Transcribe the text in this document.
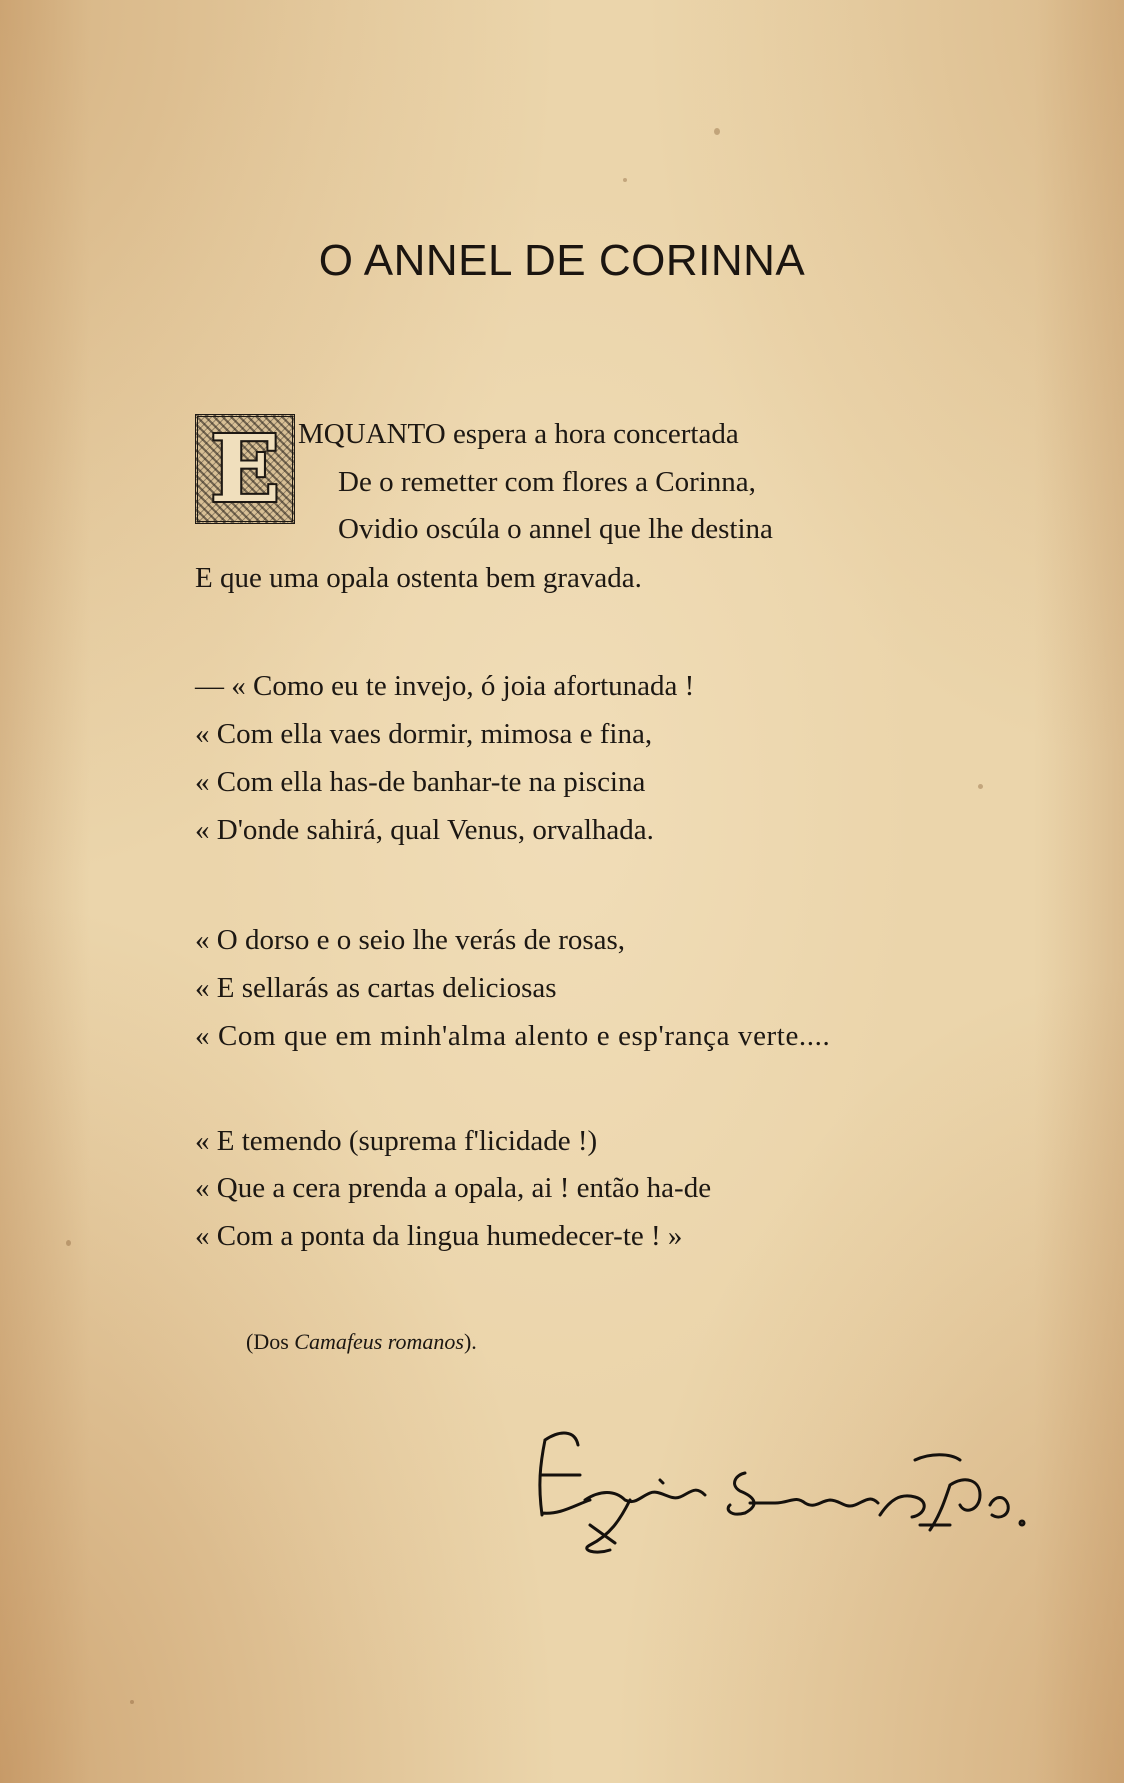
O ANNEL DE CORINNA
E MQUANTO espera a hora concertada
De o remetter com flores a Corinna,
Ovidio oscúla o annel que lhe destina
E que uma opala ostenta bem gravada.
— « Como eu te invejo, ó joia afortunada !
« Com ella vaes dormir, mimosa e fina,
« Com ella has-de banhar-te na piscina
« D'onde sahirá, qual Venus, orvalhada.
« O dorso e o seio lhe verás de rosas,
« E sellarás as cartas deliciosas
« Com que em minh'alma alento e esp'rança verte....
« E temendo (suprema f'licidade !)
« Que a cera prenda a opala, ai ! então ha-de
« Com a ponta da lingua humedecer-te ! »
(Dos Camafeus romanos).
